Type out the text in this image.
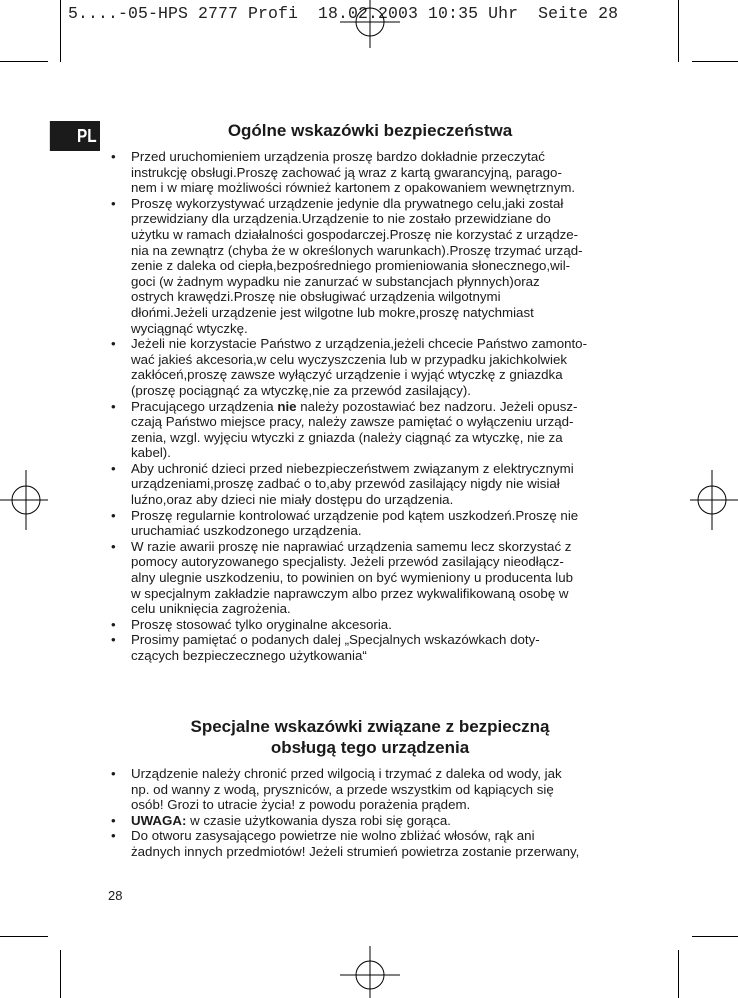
5....-05-HPS 2777 Profi  18.02.2003 10:35 Uhr  Seite 28
PL	Ogólne wskazówki bezpieczeństwa
• Przed uruchomieniem urządzenia proszę bardzo dokładnie przeczytać
instrukcję obsługi.Proszę zachować ją wraz z kartą gwarancyjną, parago-
nem i w miarę możliwości również kartonem z opakowaniem wewnętrznym.
• Proszę wykorzystywać urządzenie jedynie dla prywatnego celu,jaki został
przewidziany dla urządzenia.Urządzenie to nie zostało przewidziane do
użytku w ramach działalności gospodarczej.Proszę nie korzystać z urządze-
nia na zewnątrz (chyba że w określonych warunkach).Proszę trzymać urząd-
zenie z daleka od ciepła,bezpośredniego promieniowania słonecznego,wil-
goci (w żadnym wypadku nie zanurzać w substancjach płynnych)oraz
ostrych krawędzi.Proszę nie obsługiwać urządzenia wilgotnymi
dłońmi.Jeżeli urządzenie jest wilgotne lub mokre,proszę natychmiast
wyciągnąć wtyczkę.
• Jeżeli nie korzystacie Państwo z urządzenia,jeżeli chcecie Państwo zamonto-
wać jakieś akcesoria,w celu wyczyszczenia lub w przypadku jakichkolwiek
zakłóceń,proszę zawsze wyłączyć urządzenie i wyjąć wtyczkę z gniazdka
(proszę pociągnąć za wtyczkę,nie za przewód zasilający).
• Pracującego urządzenia nie należy pozostawiać bez nadzoru. Jeżeli opusz-
czają Państwo miejsce pracy, należy zawsze pamiętać o wyłączeniu urząd-
zenia, wzgl. wyjęciu wtyczki z gniazda (należy ciągnąć za wtyczkę, nie za
kabel).
• Aby uchronić dzieci przed niebezpieczeństwem związanym z elektrycznymi
urządzeniami,proszę zadbać o to,aby przewód zasilający nigdy nie wisiał
luźno,oraz aby dzieci nie miały dostępu do urządzenia.
• Proszę regularnie kontrolować urządzenie pod kątem uszkodzeń.Proszę nie
uruchamiać uszkodzonego urządzenia.
• W razie awarii proszę nie naprawiać urządzenia samemu lecz skorzystać z
pomocy autoryzowanego specjalisty. Jeżeli przewód zasilający nieodłącz-
alny ulegnie uszkodzeniu, to powinien on być wymieniony u producenta lub
w specjalnym zakładzie naprawczym albo przez wykwalifikowaną osobę w
celu uniknięcia zagrożenia.
• Proszę stosować tylko oryginalne akcesoria.
• Prosimy pamiętać o podanych dalej „Specjalnych wskazówkach doty-
czących bezpieczecznego użytkowania“
Specjalne wskazówki związane z bezpieczną
obsługą tego urządzenia
• Urządzenie należy chronić przed wilgocią i trzymać z daleka od wody, jak
np. od wanny z wodą, pryszniców, a przede wszystkim od kąpiących się
osób! Grozi to utracie życia! z powodu porażenia prądem.
• UWAGA: w czasie użytkowania dysza robi się gorąca.
• Do otworu zasysającego powietrze nie wolno zbliżać włosów, rąk ani
żadnych innych przedmiotów! Jeżeli strumień powietrza zostanie przerwany,
28
